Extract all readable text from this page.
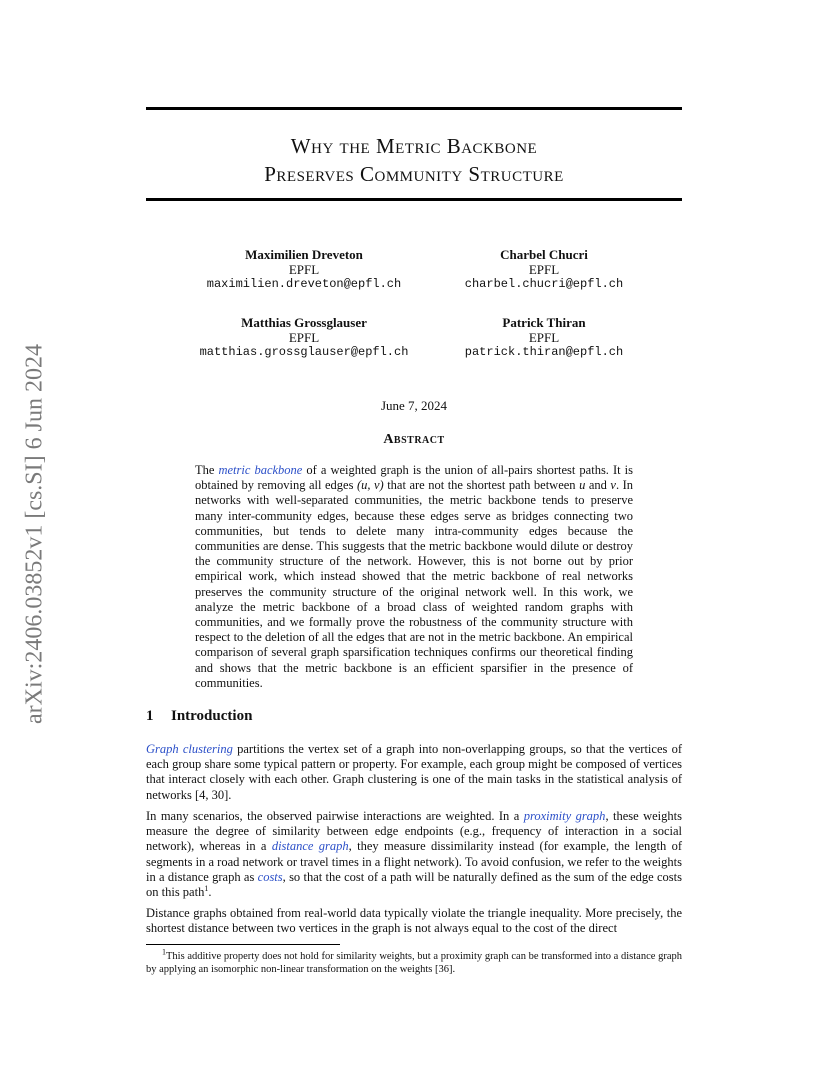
arXiv:2406.03852v1 [cs.SI] 6 Jun 2024
Why the Metric Backbone
Preserves Community Structure
Maximilien Dreveton
EPFL
maximilien.dreveton@epfl.ch
Charbel Chucri
EPFL
charbel.chucri@epfl.ch
Matthias Grossglauser
EPFL
matthias.grossglauser@epfl.ch
Patrick Thiran
EPFL
patrick.thiran@epfl.ch
June 7, 2024
Abstract
The metric backbone of a weighted graph is the union of all-pairs shortest paths. It is obtained by removing all edges (u, v) that are not the shortest path between u and v. In networks with well-separated communities, the metric backbone tends to preserve many inter-community edges, because these edges serve as bridges connecting two communities, but tends to delete many intra-community edges because the communities are dense. This suggests that the metric backbone would dilute or destroy the community structure of the network. However, this is not borne out by prior empirical work, which instead showed that the metric backbone of real networks preserves the community structure of the original network well. In this work, we analyze the metric backbone of a broad class of weighted random graphs with communities, and we formally prove the robustness of the community structure with respect to the deletion of all the edges that are not in the metric backbone. An empirical comparison of several graph sparsification techniques confirms our theoretical finding and shows that the metric backbone is an efficient sparsifier in the presence of communities.
1 Introduction

Graph clustering partitions the vertex set of a graph into non-overlapping groups, so that the vertices of each group share some typical pattern or property. For example, each group might be composed of vertices that interact closely with each other. Graph clustering is one of the main tasks in the statistical analysis of networks [4, 30].

In many scenarios, the observed pairwise interactions are weighted. In a proximity graph, these weights measure the degree of similarity between edge endpoints (e.g., frequency of interaction in a social network), whereas in a distance graph, they measure dissimilarity instead (for example, the length of segments in a road network or travel times in a flight network). To avoid confusion, we refer to the weights in a distance graph as costs, so that the cost of a path will be naturally defined as the sum of the edge costs on this path$^1$.

Distance graphs obtained from real-world data typically violate the triangle inequality. More precisely, the shortest distance between two vertices in the graph is not always equal to the cost of the direct

$^1$This additive property does not hold for similarity weights, but a proximity graph can be transformed into a distance graph by applying an isomorphic non-linear transformation on the weights [36].
